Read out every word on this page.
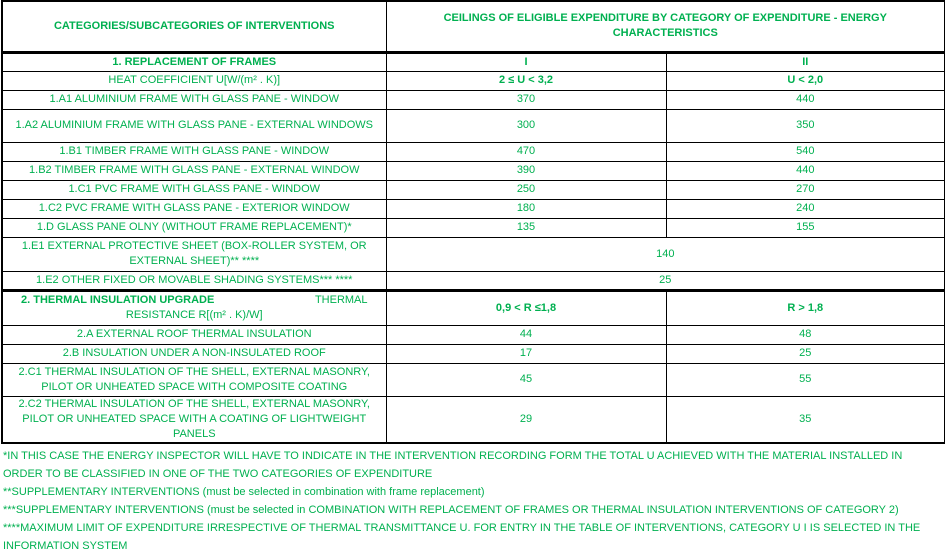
CATEGORIES/SUBCATEGORIES OF INTERVENTIONS	CEILINGS OF ELIGIBLE EXPENDITURE BY CATEGORY OF EXPENDITURE - ENERGY CHARACTERISTICS	
1. REPLACEMENT OF FRAMES	I	II
HEAT COEFFICIENT U[W/(m² . K)]	2 ≤ U < 3,2	U < 2,0
1.A1 ALUMINIUM FRAME WITH GLASS PANE - WINDOW	370	440
1.A2 ALUMINIUM FRAME WITH GLASS PANE - EXTERNAL WINDOWS	300	350
1.B1 TIMBER FRAME WITH GLASS PANE - WINDOW	470	540
1.B2 TIMBER FRAME WITH GLASS PANE - EXTERNAL WINDOW	390	440
1.C1 PVC FRAME WITH GLASS PANE - WINDOW	250	270
1.C2 PVC FRAME WITH GLASS PANE - EXTERIOR WINDOW	180	240
1.D GLASS PANE OLNY (WITHOUT FRAME REPLACEMENT)*	135	155
1.E1 EXTERNAL PROTECTIVE SHEET (BOX-ROLLER SYSTEM, OR EXTERNAL SHEET)** ****	140	
1.E2 OTHER FIXED OR MOVABLE SHADING SYSTEMS*** ****	25	

2. THERMAL INSULATION UPGRADE THERMAL
RESISTANCE R[(m² . K)/W]	0,9 < R ≤1,8	R > 1,8
2.A EXTERNAL ROOF THERMAL INSULATION	44	48
2.B INSULATION UNDER A NON-INSULATED ROOF	17	25
2.C1 THERMAL INSULATION OF THE SHELL, EXTERNAL MASONRY, PILOT OR UNHEATED SPACE WITH COMPOSITE COATING	45	55
2.C2 THERMAL INSULATION OF THE SHELL, EXTERNAL MASONRY, PILOT OR UNHEATED SPACE WITH A COATING OF LIGHTWEIGHT PANELS	29	35
*IN THIS CASE THE ENERGY INSPECTOR WILL HAVE TO INDICATE IN THE INTERVENTION RECORDING FORM THE TOTAL U ACHIEVED WITH THE MATERIAL INSTALLED IN ORDER TO BE CLASSIFIED IN ONE OF THE TWO CATEGORIES OF EXPENDITURE
**SUPPLEMENTARY INTERVENTIONS (must be selected in combination with frame replacement)
***SUPPLEMENTARY INTERVENTIONS (must be selected in COMBINATION WITH REPLACEMENT OF FRAMES OR THERMAL INSULATION INTERVENTIONS OF CATEGORY 2)
****MAXIMUM LIMIT OF EXPENDITURE IRRESPECTIVE OF THERMAL TRANSMITTANCE U. FOR ENTRY IN THE TABLE OF INTERVENTIONS, CATEGORY U I IS SELECTED IN THE INFORMATION SYSTEM
